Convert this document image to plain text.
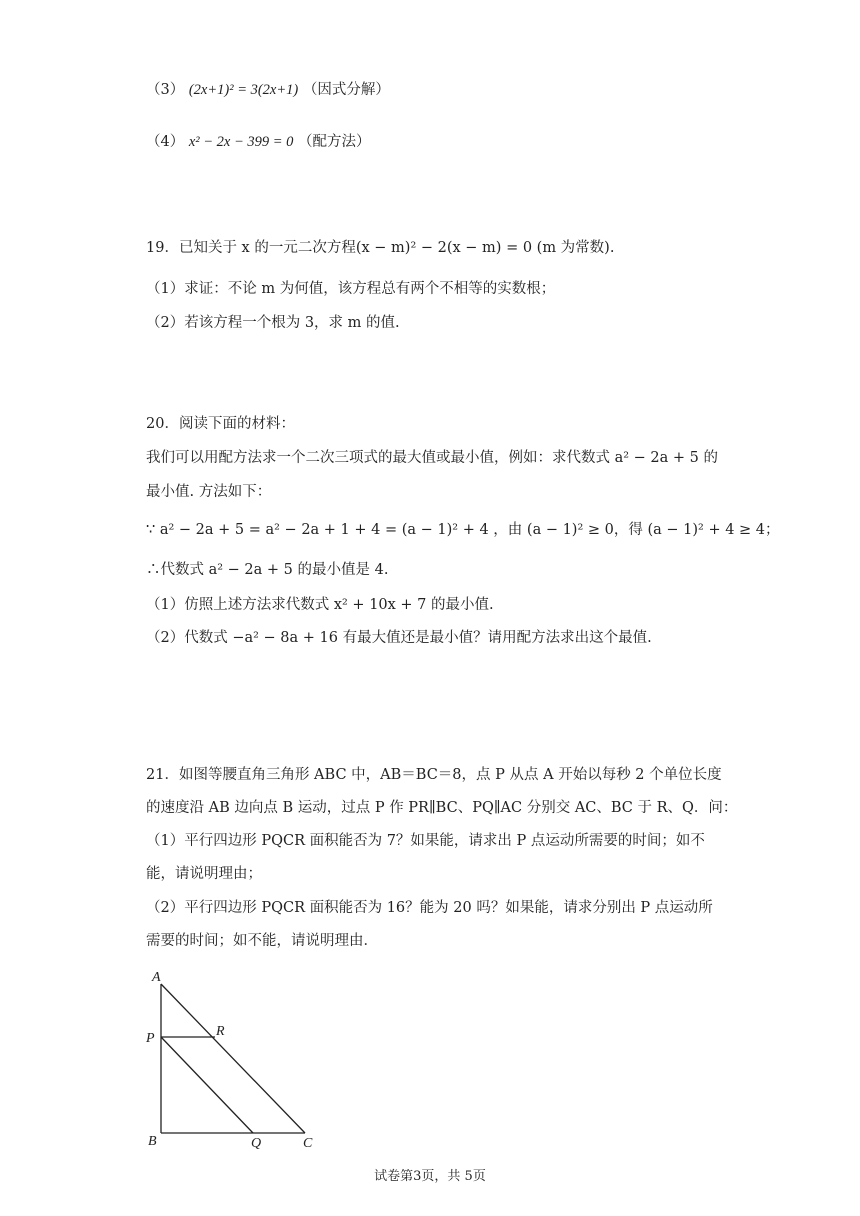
（3） (2x+1)² = 3(2x+1) （因式分解）
（4） x² − 2x − 399 = 0 （配方法）
19．已知关于 x 的一元二次方程(x − m)² − 2(x − m) = 0 (m 为常数).
（1）求证：不论 m 为何值，该方程总有两个不相等的实数根；
（2）若该方程一个根为 3，求 m 的值.
20．阅读下面的材料：
我们可以用配方法求一个二次三项式的最大值或最小值，例如：求代数式 a² − 2a + 5 的
最小值. 方法如下：
∵ a² − 2a + 5 = a² − 2a + 1 + 4 = (a − 1)² + 4 ，由 (a − 1)² ≥ 0，得 (a − 1)² + 4 ≥ 4；
∴代数式 a² − 2a + 5 的最小值是 4.
（1）仿照上述方法求代数式 x² + 10x + 7 的最小值.
（2）代数式 −a² − 8a + 16 有最大值还是最小值？请用配方法求出这个最值.
21．如图等腰直角三角形 ABC 中，AB＝BC＝8，点 P 从点 A 开始以每秒 2 个单位长度
的速度沿 AB 边向点 B 运动，过点 P 作 PR∥BC、PQ∥AC 分别交 AC、BC 于 R、Q．问：
（1）平行四边形 PQCR 面积能否为 7？如果能，请求出 P 点运动所需要的时间；如不
能，请说明理由；
（2）平行四边形 PQCR 面积能否为 16？能为 20 吗？如果能，请求分别出 P 点运动所
需要的时间；如不能，请说明理由．
A
P	R
B	Q	C
试卷第3页，共 5页
